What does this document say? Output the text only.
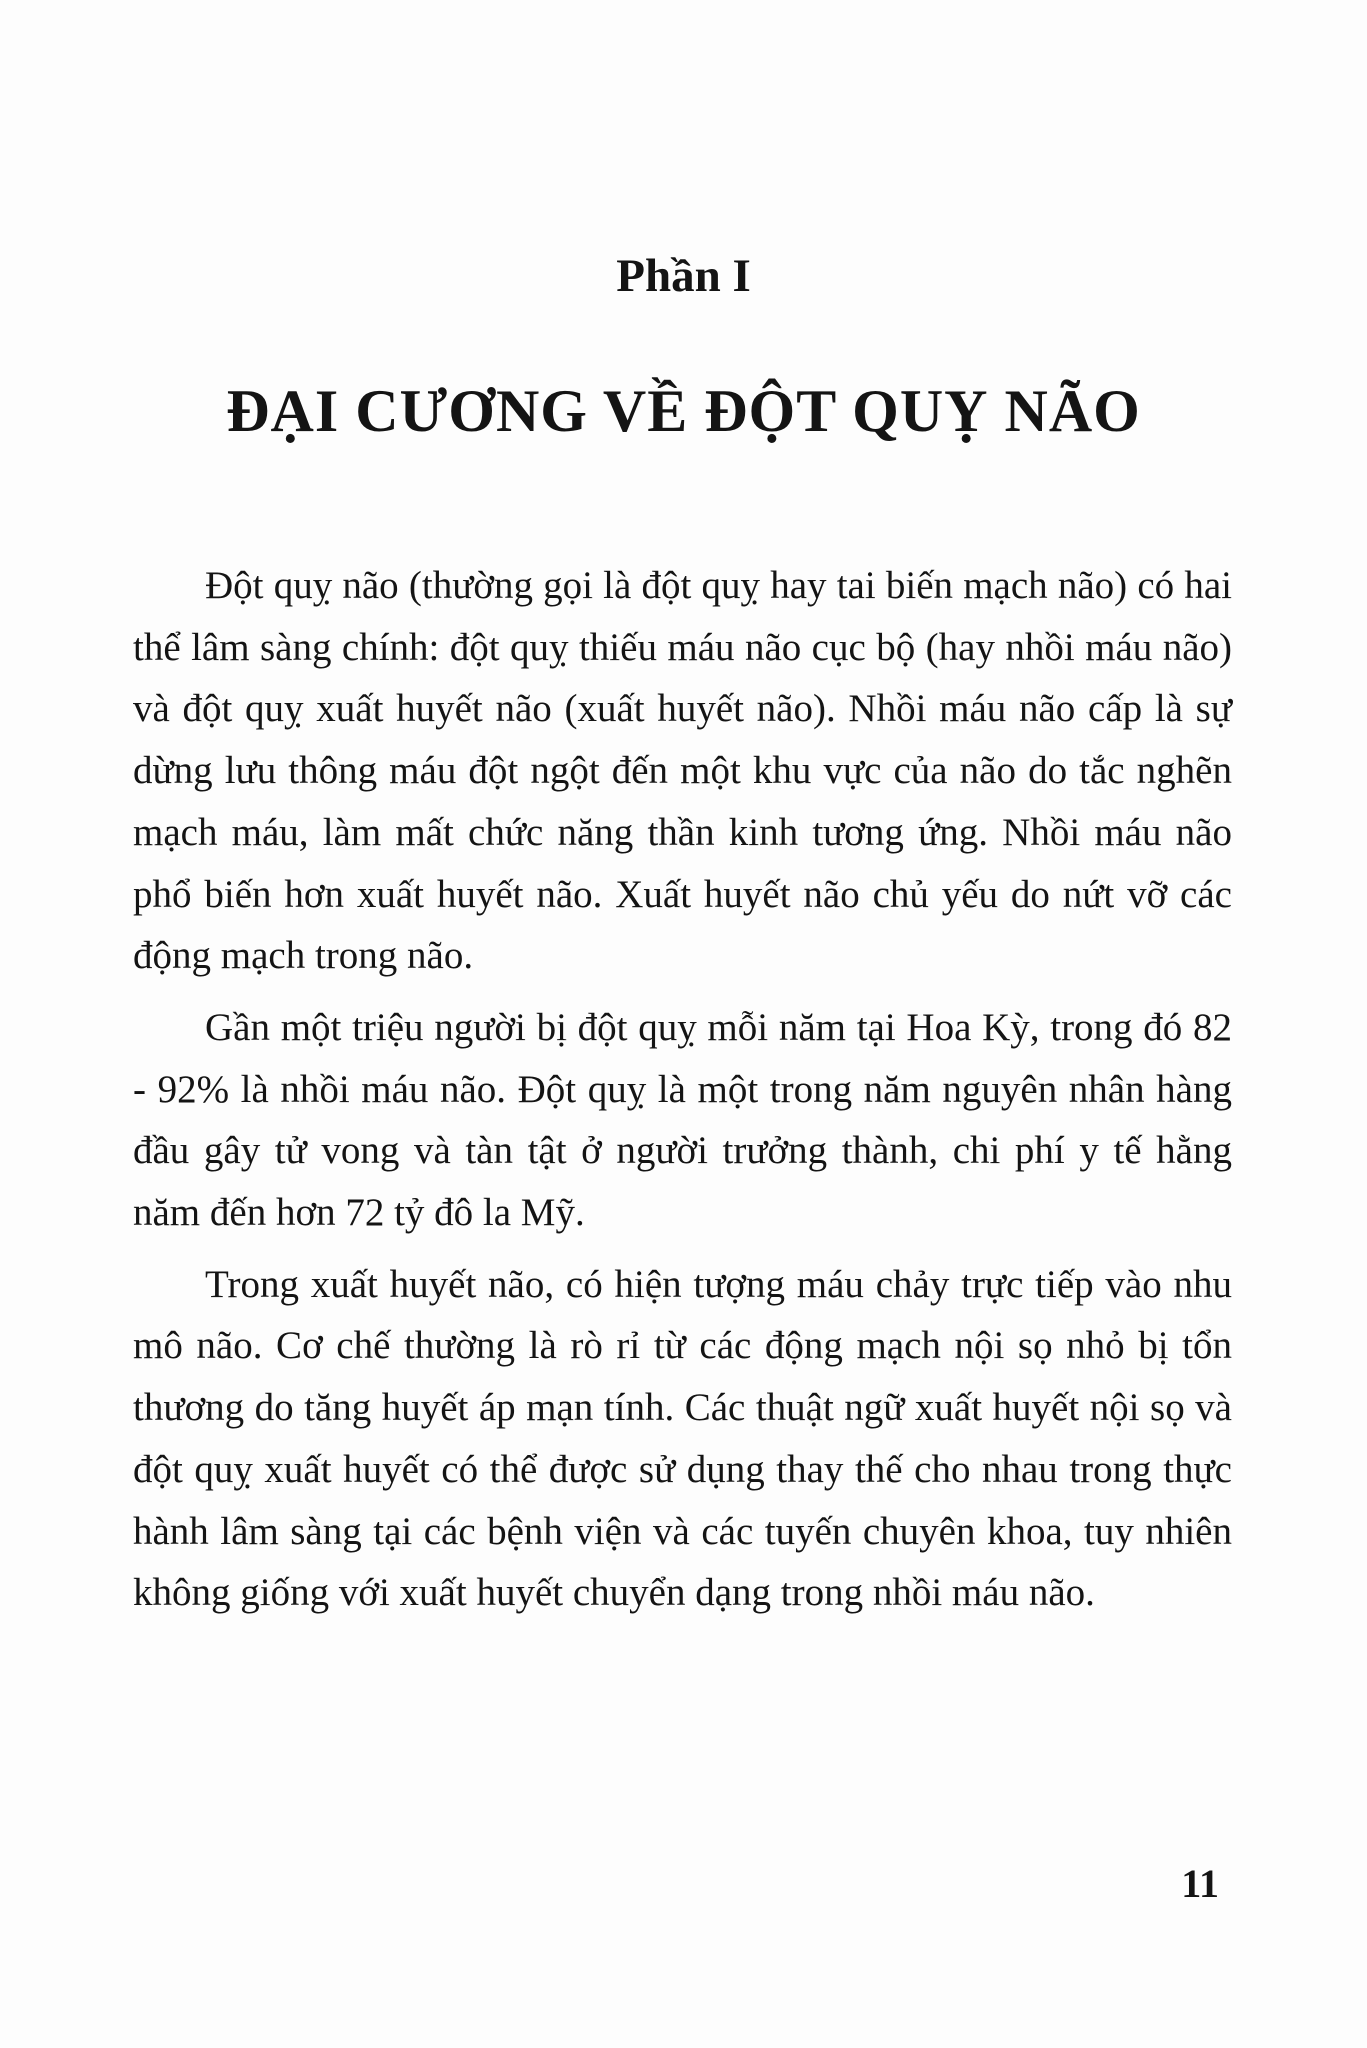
Phần I
ĐẠI CƯƠNG VỀ ĐỘT QUỴ NÃO

Đột quỵ não (thường gọi là đột quỵ hay tai biến mạch não) có hai thể lâm sàng chính: đột quỵ thiếu máu não cục bộ (hay nhồi máu não) và đột quỵ xuất huyết não (xuất huyết não). Nhồi máu não cấp là sự dừng lưu thông máu đột ngột đến một khu vực của não do tắc nghẽn mạch máu, làm mất chức năng thần kinh tương ứng. Nhồi máu não phổ biến hơn xuất huyết não. Xuất huyết não chủ yếu do nứt vỡ các động mạch trong não.

Gần một triệu người bị đột quỵ mỗi năm tại Hoa Kỳ, trong đó 82 - 92% là nhồi máu não. Đột quỵ là một trong năm nguyên nhân hàng đầu gây tử vong và tàn tật ở người trưởng thành, chi phí y tế hằng năm đến hơn 72 tỷ đô la Mỹ.

Trong xuất huyết não, có hiện tượng máu chảy trực tiếp vào nhu mô não. Cơ chế thường là rò rỉ từ các động mạch nội sọ nhỏ bị tổn thương do tăng huyết áp mạn tính. Các thuật ngữ xuất huyết nội sọ và đột quỵ xuất huyết có thể được sử dụng thay thế cho nhau trong thực hành lâm sàng tại các bệnh viện và các tuyến chuyên khoa, tuy nhiên không giống với xuất huyết chuyển dạng trong nhồi máu não.

11
